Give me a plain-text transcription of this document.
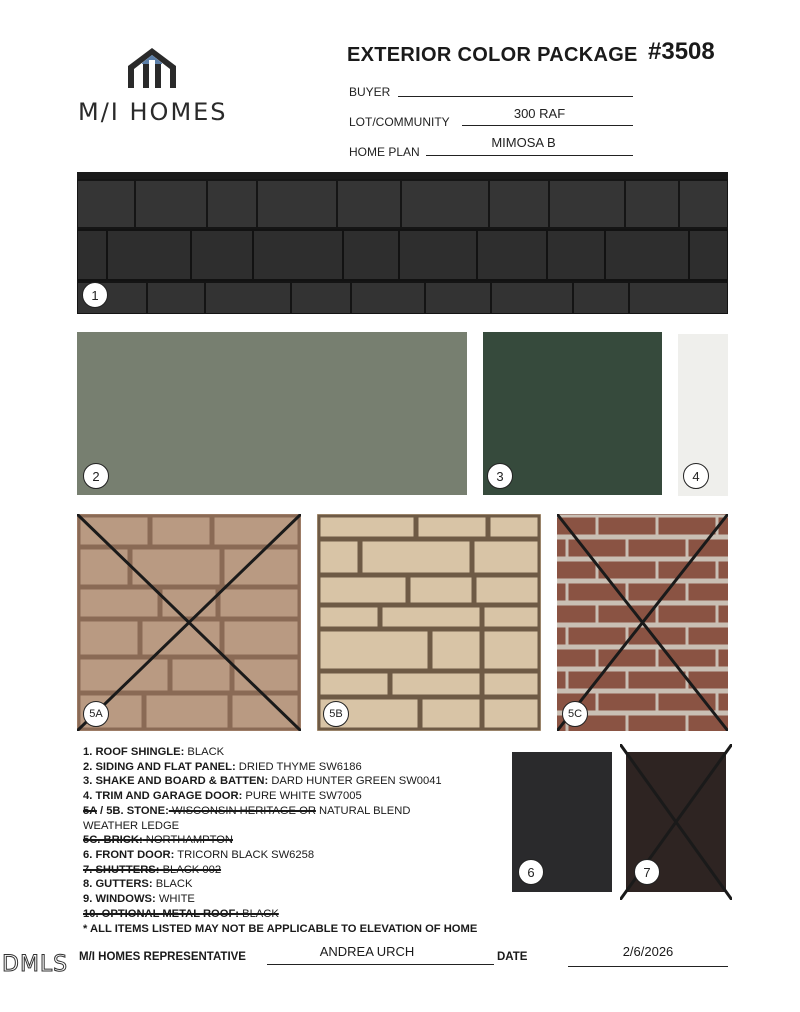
M/I HOMES
EXTERIOR COLOR PACKAGE #3508
BUYER
LOT/COMMUNITY
300 RAF
HOME PLAN
MIMOSA B
1
2	3	4
5A	5B	5C
6	7
1. ROOF SHINGLE: BLACK
2. SIDING AND FLAT PANEL: DRIED THYME SW6186
3. SHAKE AND BOARD & BATTEN: DARD HUNTER GREEN SW0041
4. TRIM AND GARAGE DOOR: PURE WHITE SW7005
5A / 5B. STONE: WISCONSIN HERITAGE OR NATURAL BLEND
WEATHER LEDGE
5C. BRICK: NORTHAMPTON
6. FRONT DOOR: TRICORN BLACK SW6258
7. SHUTTERS: BLACK 002
8. GUTTERS: BLACK
9. WINDOWS: WHITE
10. OPTIONAL METAL ROOF: BLACK
* ALL ITEMS LISTED MAY NOT BE APPLICABLE TO ELEVATION OF HOME
M/I HOMES REPRESENTATIVE	ANDREA URCH	DATE	2/6/2026
DMLS
